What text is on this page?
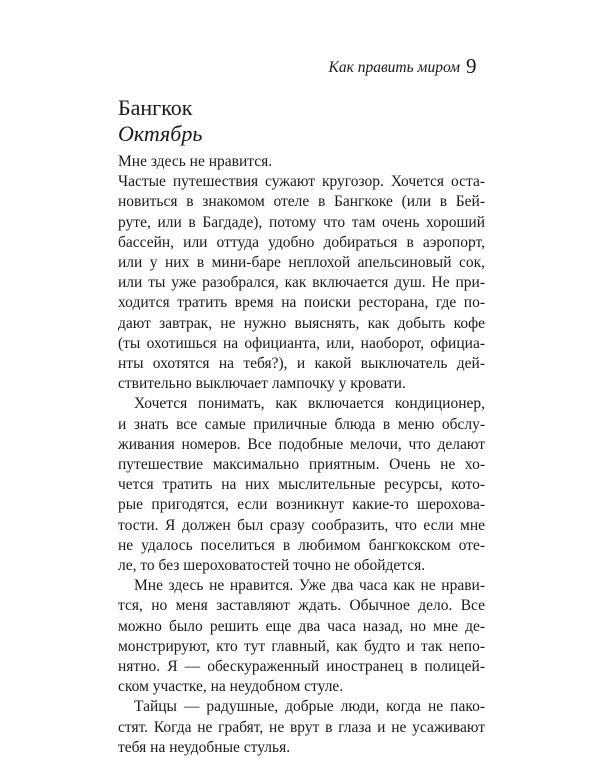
Как править миром 9
Бангкок
Октябрь
Мне здесь не нравится.
Частые путешествия сужают кругозор. Хочется оста-
новиться в знакомом отеле в Бангкоке (или в Бей-
руте, или в Багдаде), потому что там очень хороший
бассейн, или оттуда удобно добираться в аэропорт,
или у них в мини-баре неплохой апельсиновый сок,
или ты уже разобрался, как включается душ. Не при-
ходится тратить время на поиски ресторана, где по-
дают завтрак, не нужно выяснять, как добыть кофе
(ты охотишься на официанта, или, наоборот, официа-
нты охотятся на тебя?), и какой выключатель дей-
ствительно выключает лампочку у кровати.
Хочется понимать, как включается кондиционер,
и знать все самые приличные блюда в меню обслу-
живания номеров. Все подобные мелочи, что делают
путешествие максимально приятным. Очень не хо-
чется тратить на них мыслительные ресурсы, кото-
рые пригодятся, если возникнут какие-то шерохова-
тости. Я должен был сразу сообразить, что если мне
не удалось поселиться в любимом бангкокском оте-
ле, то без шероховатостей точно не обойдется.
Мне здесь не нравится. Уже два часа как не нрави-
тся, но меня заставляют ждать. Обычное дело. Все
можно было решить еще два часа назад, но мне де-
монстрируют, кто тут главный, как будто и так непо-
нятно. Я — обескураженный иностранец в полицей-
ском участке, на неудобном стуле.
Тайцы — радушные, добрые люди, когда не пако-
стят. Когда не грабят, не врут в глаза и не усаживают
тебя на неудобные стулья.
